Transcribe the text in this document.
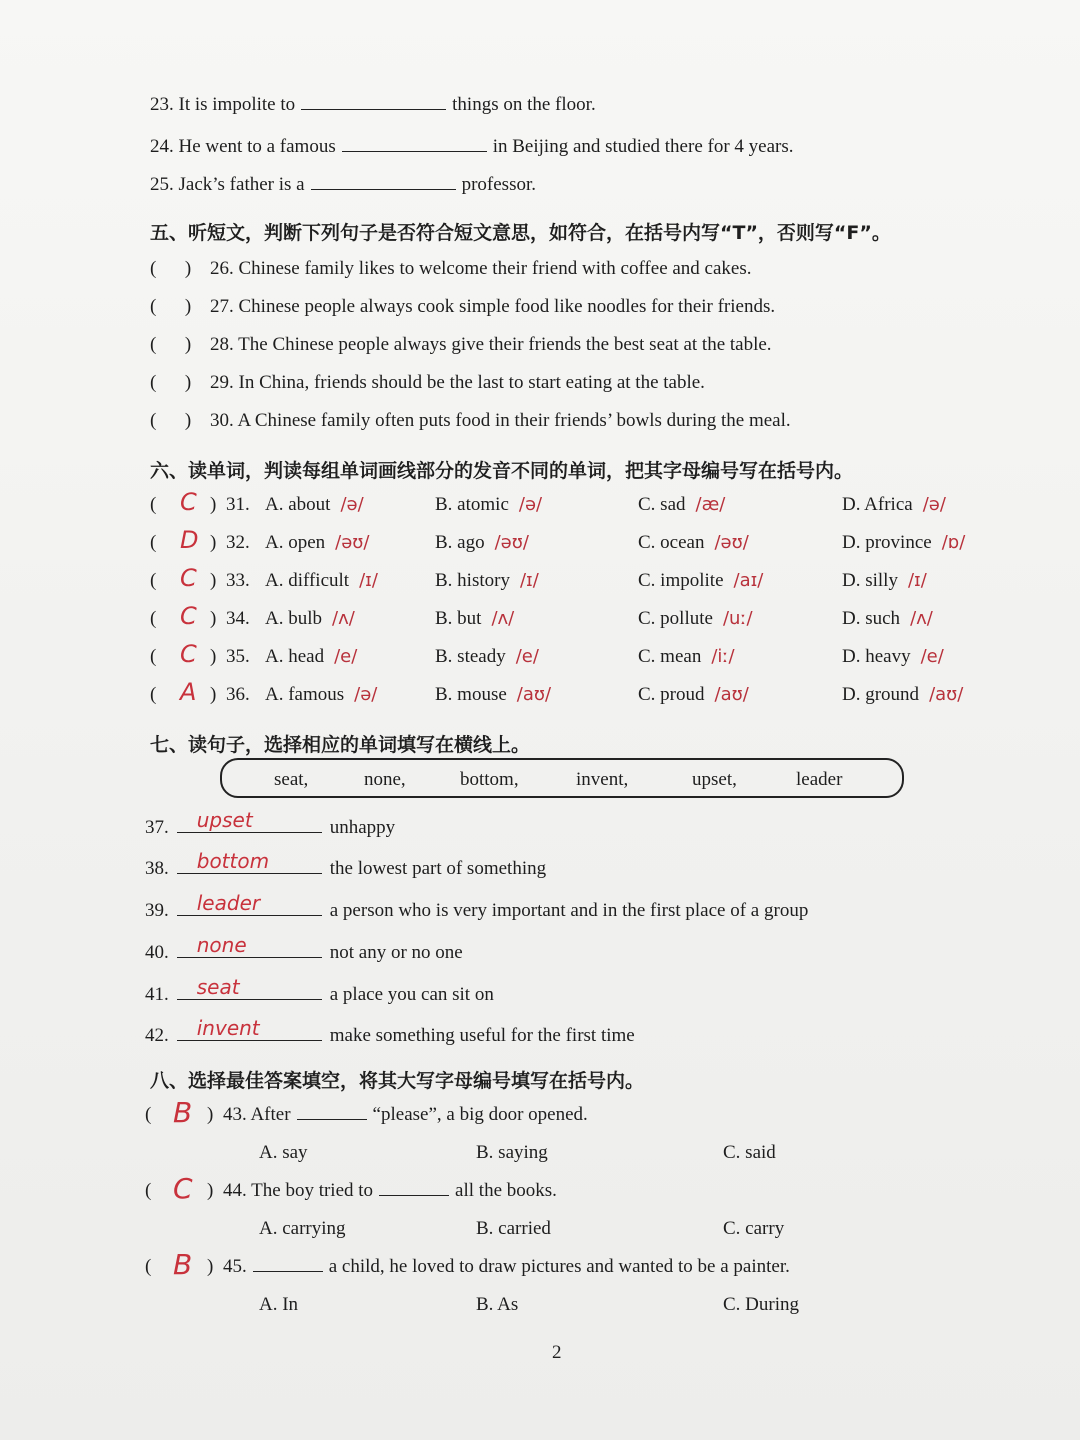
23. It is impolite to	things on the floor.
24. He went to a famous	in Beijing and studied there for 4 years.
25. Jack’s father is a	professor.
五、听短文，判断下列句子是否符合短文意思，如符合，在括号内写“T”，否则写“F”。
(      ) 26. Chinese family likes to welcome their friend with coffee and cakes.
(      ) 27. Chinese people always cook simple food like noodles for their friends.
(      ) 28. The Chinese people always give their friends the best seat at the table.
(      ) 29. In China, friends should be the last to start eating at the table.
(      ) 30. A Chinese family often puts food in their friends’ bowls during the meal.
六、读单词，判读每组单词画线部分的发音不同的单词，把其字母编号写在括号内。
( C ) 31. A. about /ə/	B. atomic /ə/	C. sad /æ/	D. Africa /ə/
( D ) 32. A. open /əʊ/	B. ago /əʊ/	C. ocean /əʊ/	D. province /ɒ/
( C ) 33. A. difficult /ɪ/	B. history /ɪ/	C. impolite /aɪ/	D. silly /ɪ/
( C ) 34. A. bulb /ʌ/	B. but /ʌ/	C. pollute /uː/	D. such /ʌ/
( C ) 35. A. head /e/	B. steady /e/	C. mean /iː/	D. heavy /e/
( A ) 36. A. famous /ə/	B. mouse /aʊ/	C. proud /aʊ/	D. ground /aʊ/
七、读句子，选择相应的单词填写在横线上。
seat,	none,	bottom,	invent,	upset,	leader
37. upset	unhappy
38. bottom	the lowest part of something
39. leader	a person who is very important and in the first place of a group
40. none	not any or no one
41. seat	a place you can sit on
42. invent	make something useful for the first time
八、选择最佳答案填空，将其大写字母编号填写在括号内。
( B ) 43. After	“please”, a big door opened.
A. say	B. saying	C. said
( C ) 44. The boy tried to	all the books.
A. carrying	B. carried	C. carry
( B ) 45.	a child, he loved to draw pictures and wanted to be a painter.
A. In	B. As	C. During
2
